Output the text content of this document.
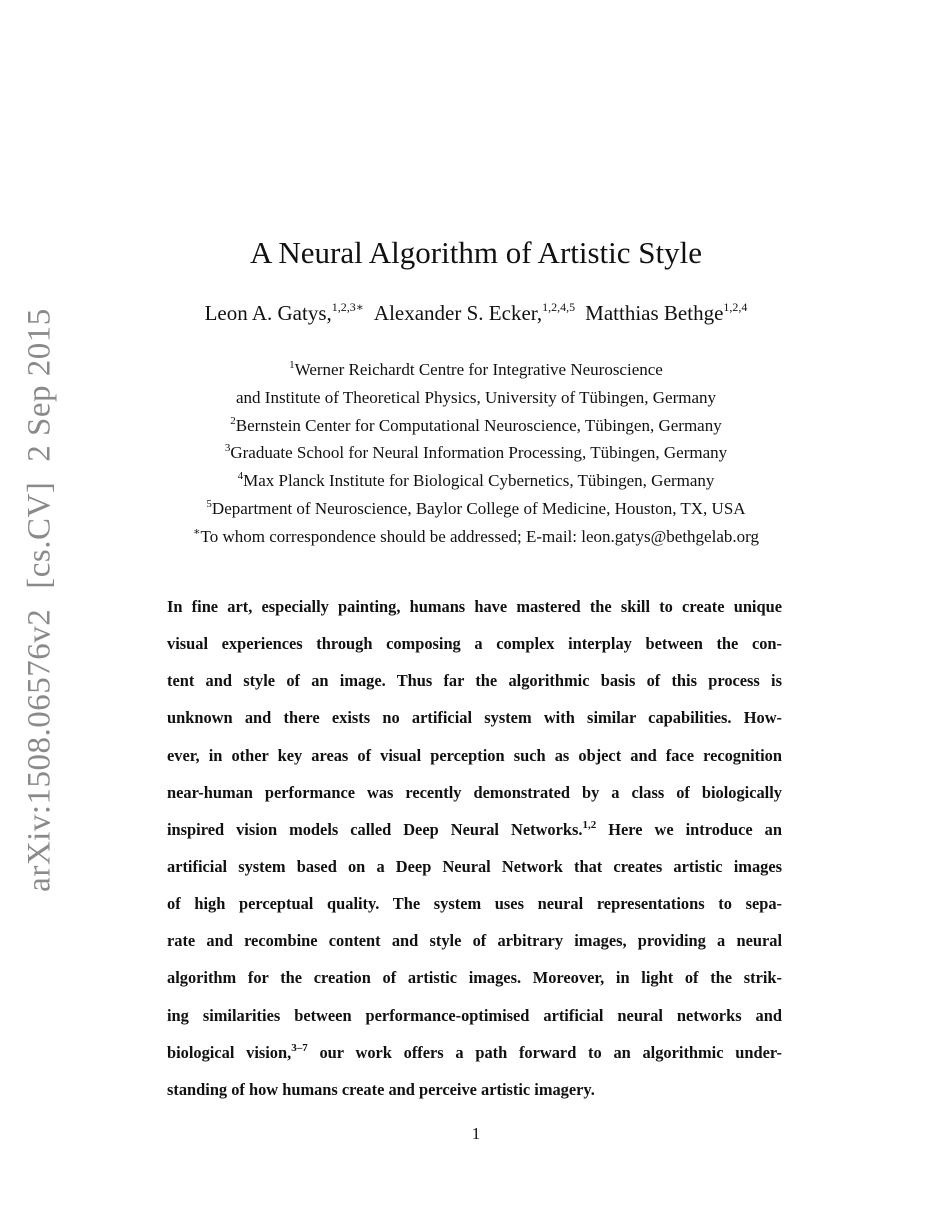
arXiv:1508.06576v2[cs.CV]2 Sep 2015
A Neural Algorithm of Artistic Style
Leon A. Gatys,$^{1,2,3∗}$ Alexander S. Ecker,$^{1,2,4,5}$ Matthias Bethge$^{1,2,4}$
$^1$Werner Reichardt Centre for Integrative Neuroscience
and Institute of Theoretical Physics, University of Tübingen, Germany
$^2$Bernstein Center for Computational Neuroscience, Tübingen, Germany
$^3$Graduate School for Neural Information Processing, Tübingen, Germany
$^4$Max Planck Institute for Biological Cybernetics, Tübingen, Germany
$^5$Department of Neuroscience, Baylor College of Medicine, Houston, TX, USA
∗To whom correspondence should be addressed; E-mail: leon.gatys@bethgelab.org
In fine art, especially painting, humans have mastered the skill to create unique
visual experiences through composing a complex interplay between the con-
tent and style of an image. Thus far the algorithmic basis of this process is
unknown and there exists no artificial system with similar capabilities. How-
ever, in other key areas of visual perception such as object and face recognition
near-human performance was recently demonstrated by a class of biologically
inspired vision models called Deep Neural Networks.$^{1,2}$ Here we introduce an
artificial system based on a Deep Neural Network that creates artistic images
of high perceptual quality. The system uses neural representations to sepa-
rate and recombine content and style of arbitrary images, providing a neural
algorithm for the creation of artistic images. Moreover, in light of the strik-
ing similarities between performance-optimised artificial neural networks and
biological vision,$^{3-7}$ our work offers a path forward to an algorithmic under-
standing of how humans create and perceive artistic imagery.
1
